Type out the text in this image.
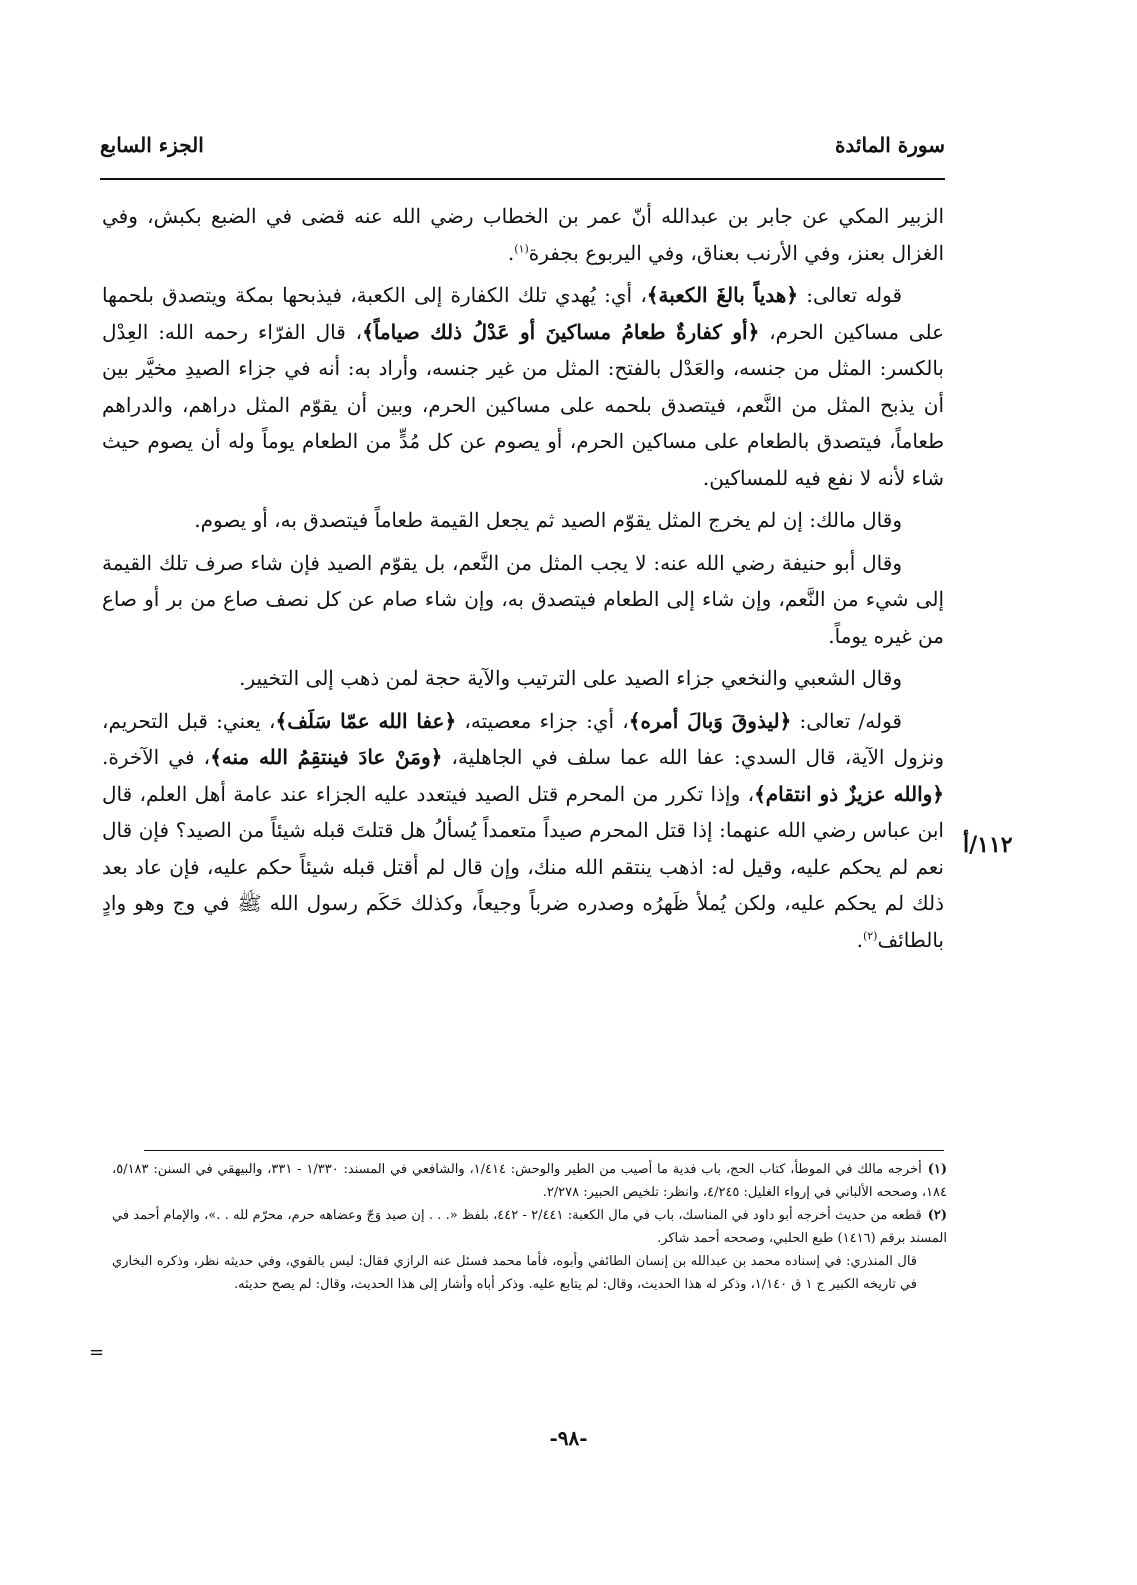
سورة المائدة
الجزء السابع

الزبير المكي عن جابر بن عبدالله أنّ عمر بن الخطاب رضي الله عنه قضى في الضبع بكبش، وفي الغزال بعنز، وفي الأرنب بعناق، وفي اليربوع بجفرة$^{(١)}$.

قوله تعالى: ﴿هدياً بالغَ الكعبة﴾، أي: يُهدي تلك الكفارة إلى الكعبة، فيذبحها بمكة ويتصدق بلحمها على مساكين الحرم، ﴿أو كفارةٌ طعامُ مساكينَ أو عَدْلُ ذلك صياماً﴾، قال الفرّاء رحمه الله: العِدْل بالكسر: المثل من جنسه، والعَدْل بالفتح: المثل من غير جنسه، وأراد به: أنه في جزاء الصيدِ مخيَّر بين أن يذبح المثل من النَّعم، فيتصدق بلحمه على مساكين الحرم، وبين أن يقوّم المثل دراهم، والدراهم طعاماً، فيتصدق بالطعام على مساكين الحرم، أو يصوم عن كل مُدٍّ من الطعام يوماً وله أن يصوم حيث شاء لأنه لا نفع فيه للمساكين.

وقال مالك: إن لم يخرج المثل يقوّم الصيد ثم يجعل القيمة طعاماً فيتصدق به، أو يصوم.

وقال أبو حنيفة رضي الله عنه: لا يجب المثل من النَّعم، بل يقوّم الصيد فإن شاء صرف تلك القيمة إلى شيء من النَّعم، وإن شاء إلى الطعام فيتصدق به، وإن شاء صام عن كل نصف صاع من بر أو صاع من غيره يوماً.

وقال الشعبي والنخعي جزاء الصيد على الترتيب والآية حجة لمن ذهب إلى التخيير.

قوله/ تعالى: ﴿ليذوقَ وَبالَ أمره﴾، أي: جزاء معصيته، ﴿عفا الله عمّا سَلَف﴾، يعني: قبل التحريم، ونزول الآية، قال السدي: عفا الله عما سلف في الجاهلية، ﴿ومَنْ عادَ فينتقِمُ الله منه﴾، في الآخرة. ﴿والله عزيزٌ ذو انتقام﴾، وإذا تكرر من المحرم قتل الصيد فيتعدد عليه الجزاء عند عامة أهل العلم، قال ابن عباس رضي الله عنهما: إذا قتل المحرم صيداً متعمداً يُسألُ هل قتلتَ قبله شيئاً من الصيد؟ فإن قال نعم لم يحكم عليه، وقيل له: اذهب ينتقم الله منك، وإن قال لم أقتل قبله شيئاً حكم عليه، فإن عاد بعد ذلك لم يحكم عليه، ولكن يُملأ ظَهرُه وصدره ضرباً وجيعاً، وكذلك حَكَم رسول الله ﷺ في وج وهو وادٍ بالطائف$^{(٢)}$.

١١٢/أ

(١)أخرجه مالك في الموطأ، كتاب الحج، باب فدية ما أصيب من الطير والوحش: ١/٤١٤، والشافعي في المسند: ١/٣٣٠ - ٣٣١، والبيهقي في السنن: ٥/١٨٣، ١٨٤، وصححه الألباني في إرواء الغليل: ٤/٢٤٥، وانظر: تلخيص الحبير: ٢/٢٧٨.

(٢)قطعه من حديث أخرجه أبو داود في المناسك، باب في مال الكعبة: ٢/٤٤١ - ٤٤٢، بلفظ «. . . إن صيد وَجّ وعضاهه حرم، محرّم لله . .»، والإمام أحمد في المسند برقم (١٤١٦) طبع الحلبي، وصححه أحمد شاكر.

قال المنذري: في إسناده محمد بن عبدالله بن إنسان الطائفي وأبوه، فأما محمد فسئل عنه الرازي فقال: ليس بالقوي، وفي حديثه نظر، وذكره البخاري في تاريخه الكبير ج ١ ق ١/١٤٠، وذكر له هذا الحديث، وقال: لم يتابع عليه. وذكر أباه وأشار إلى هذا الحديث، وقال: لم يصح حديثه.

=
-٩٨-
